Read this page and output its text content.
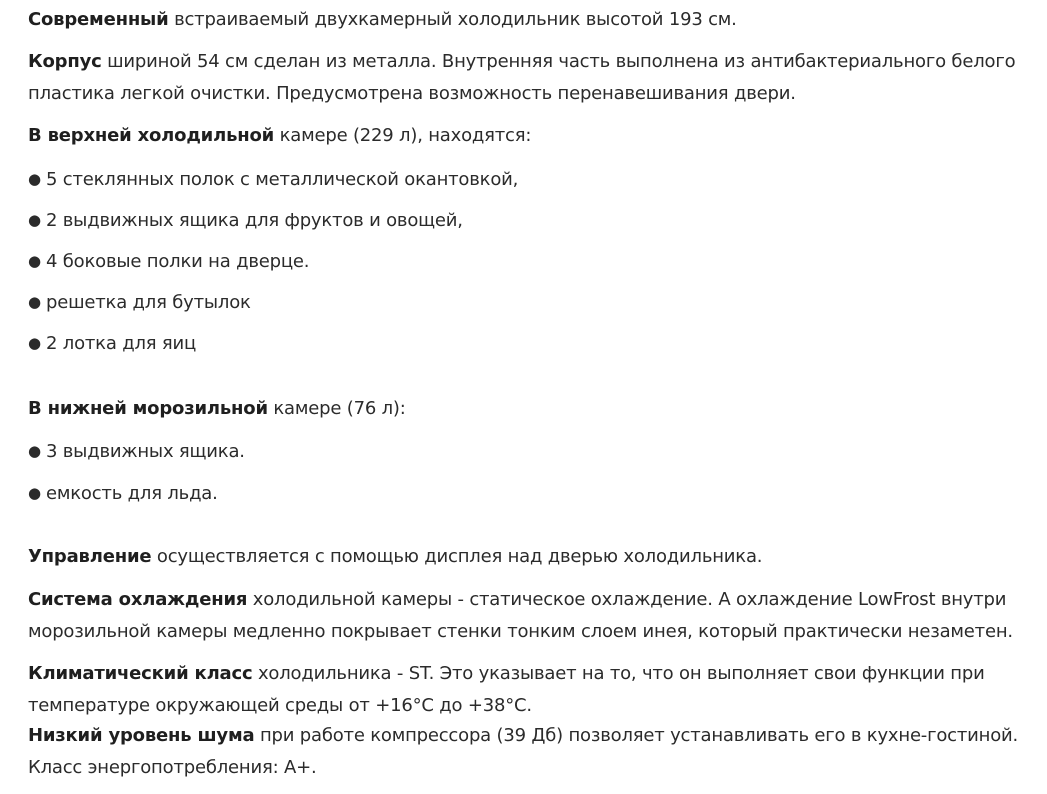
Современный встраиваемый двухкамерный холодильник высотой 193 см.
Корпус шириной 54 см сделан из металла. Внутренняя часть выполнена из антибактериального белого
пластика легкой очистки. Предусмотрена возможность перенавешивания двери.
В верхней холодильной камере (229 л), находятся:
● 5 стеклянных полок с металлической окантовкой,
● 2 выдвижных ящика для фруктов и овощей,
● 4 боковые полки на дверце.
● решетка для бутылок
● 2 лотка для яиц
В нижней морозильной камере (76 л):
● 3 выдвижных ящика.
● емкость для льда.
Управление осуществляется с помощью дисплея над дверью холодильника.
Система охлаждения холодильной камеры - статическое охлаждение. А охлаждение LowFrost внутри
морозильной камеры медленно покрывает стенки тонким слоем инея, который практически незаметен.
Климатический класс холодильника - ST. Это указывает на то, что он выполняет свои функции при
температуре окружающей среды от +16°С до +38°С.
Низкий уровень шума при работе компрессора (39 Дб) позволяет устанавливать его в кухне-гостиной.
Класс энергопотребления: А+.
